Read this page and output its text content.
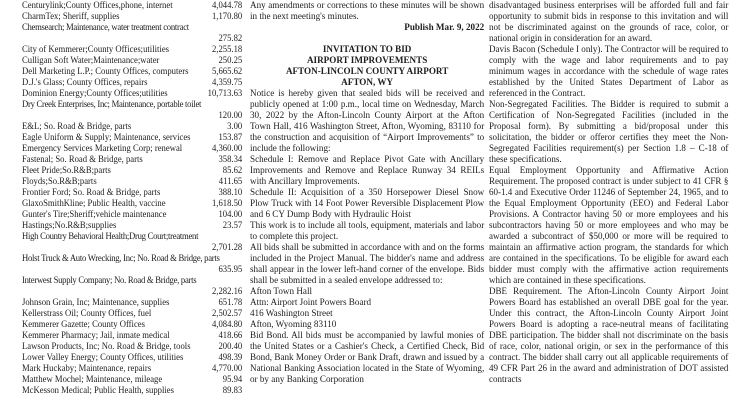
Centurylink;County Offices,phone, internet	4,044.78
CharmTex; Sheriff, supplies	1,170.80
Chemsearch; Maintenance, water treatment contract
275.82
City of Kemmerer;County Offices;utilities	2,255.18
Culligan Soft Water;Maintenance;water	250.25
Dell Marketing L.P.; County Offices, computers	5,665.62
D.J.'s Glass; County Offices, repairs	4,359.75
Dominion Energy;County Offices;utilities	10,713.63
Dry Creek Enterprises, Inc; Maintenance, portable toilet
120.00
E&L; So. Road & Bridge, parts	3.00
Eagle Uniform & Supply; Maintenance, services	153.87
Emergency Services Marketing Corp; renewal	4,360.00
Fastenal; So. Road & Bridge, parts	358.34
Fleet Pride;So.R&B;parts	85.62
Floyds;So.R&B;parts	411.65
Frontier Ford; So. Road & Bridge, parts	388.10
GlaxoSmithKline; Public Health, vaccine	1,618.50
Gunter's Tire;Sheriff;vehicle maintenance	104.00
Hastings;No.R&B;supplies	23.57
High Country Behavioral Health;Drug Court;treatment
2,701.28
Holst Truck & Auto Wrecking, Inc; No. Road & Bridge, parts
635.95
Interwest Supply Company; No. Road & Bridge, parts
2,282.16
Johnson Grain, Inc; Maintenance, supplies	651.78
Kellerstrass Oil; County Offices, fuel	2,502.57
Kemmerer Gazette; County Offices	4,084.80
Kemmerer Pharmacy; Jail, inmate medical	418.66
Lawson Products, Inc; No. Road & Bridge, tools	200.40
Lower Valley Energy; County Offices, utilities	498.39
Mark Huckaby; Maintenance, repairs	4,770.00
Matthew Mochel; Maintenance, mileage	95.94
McKesson Medical; Public Health, supplies	89.83

Any amendments or corrections to these minutes will be shown in the next meeting's minutes.

Publish Mar. 9, 2022

INVITATION TO BID
AIRPORT IMPROVEMENTS
AFTON-LINCOLN COUNTY AIRPORT
AFTON, WY

Notice is hereby given that sealed bids will be received and publicly opened at 1:00 p.m., local time on Wednesday, March 30, 2022 by the Afton-Lincoln County Airport at the Afton Town Hall, 416 Washington Street, Afton, Wyoming, 83110 for the construction and acquisition of “Airport Improvements” to include the following:

Schedule I: Remove and Replace Pivot Gate with Ancillary Improvements and Remove and Replace Runway 34 REILs with Ancillary Improvements.

Schedule II: Acquisition of a 350 Horsepower Diesel Snow Plow Truck with 14 Foot Power Reversible Displacement Plow and 6 CY Dump Body with Hydraulic Hoist

This work is to include all tools, equipment, materials and labor to complete this project.

All bids shall be submitted in accordance with and on the forms included in the Project Manual. The bidder's name and address shall appear in the lower left-hand corner of the envelope. Bids shall be submitted in a sealed envelope addressed to:

Afton Town Hall
Attn: Airport Joint Powers Board
416 Washington Street
Afton, Wyoming 83110

Bid Bond. All bids must be accompanied by lawful monies of the United States or a Cashier's Check, a Certified Check, Bid Bond, Bank Money Order or Bank Draft, drawn and issued by a National Banking Association located in the State of Wyoming, or by any Banking Corporation

disadvantaged business enterprises will be afforded full and fair opportunity to submit bids in response to this invitation and will not be discriminated against on the grounds of race, color, or national origin in consideration for an award.

Davis Bacon (Schedule I only). The Contractor will be required to comply with the wage and labor requirements and to pay minimum wages in accordance with the schedule of wage rates established by the United States Department of Labor as referenced in the Contract.

Non-Segregated Facilities. The Bidder is required to submit a Certification of Non-Segregated Facilities (included in the Proposal form). By submitting a bid/proposal under this solicitation, the bidder or offeror certifies they meet the Non-Segregated Facilities requirement(s) per Section 1.8 – C-18 of these specifications.

Equal Employment Opportunity and Affirmative Action Requirement. The proposed contract is under subject to 41 CFR § 60-1.4 and Executive Order 11246 of September 24, 1965, and to the Equal Employment Opportunity (EEO) and Federal Labor Provisions. A Contractor having 50 or more employees and his subcontractors having 50 or more employees and who may be awarded a subcontract of $50,000 or more will be required to maintain an affirmative action program, the standards for which are contained in the specifications. To be eligible for award each bidder must comply with the affirmative action requirements which are contained in these specifications.

DBE Requirement. The Afton-Lincoln County Airport Joint Powers Board has established an overall DBE goal for the year. Under this contract, the Afton-Lincoln County Airport Joint Powers Board is adopting a race-neutral means of facilitating DBE participation. The bidder shall not discriminate on the basis of race, color, national origin, or sex in the performance of this contract. The bidder shall carry out all applicable requirements of 49 CFR Part 26 in the award and administration of DOT assisted contracts
